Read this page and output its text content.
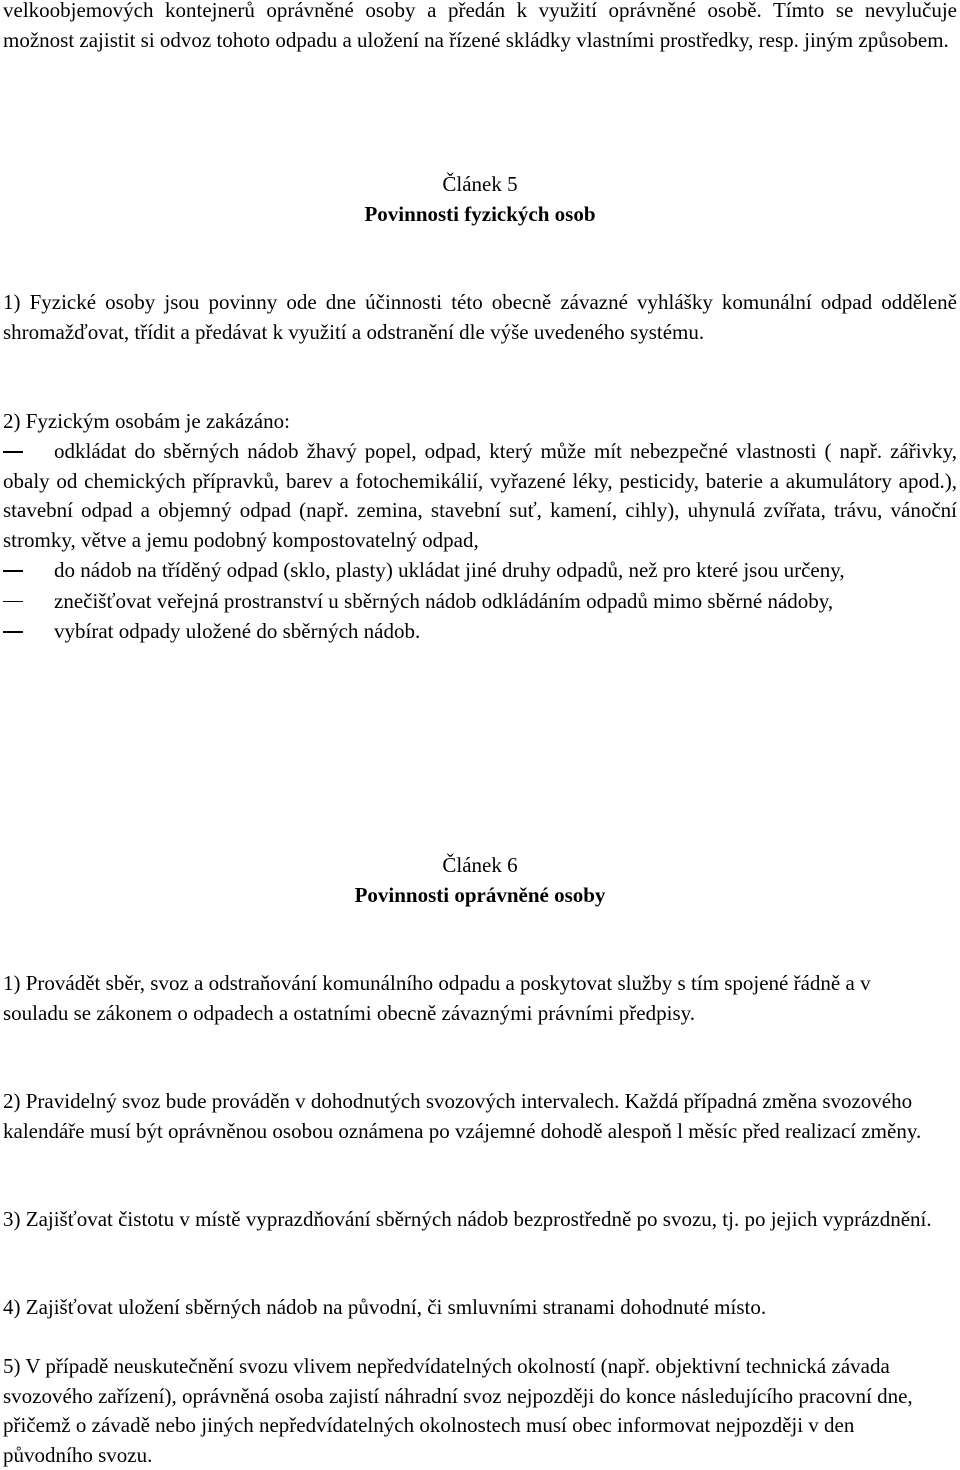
velkoobjemových kontejnerů oprávněné osoby a předán k využití oprávněné osobě. Tímto se nevylučuje možnost zajistit si odvoz tohoto odpadu a uložení na řízené skládky vlastními prostředky, resp. jiným způsobem.

Článek 5

Povinnosti fyzických osob

1) Fyzické osoby jsou povinny ode dne účinnosti této obecně závazné vyhlášky komunální odpad odděleně shromažďovat, třídit a předávat k využití a odstranění dle výše uvedeného systému.

2) Fyzickým osobám je zakázáno:

odkládat do sběrných nádob žhavý popel, odpad, který může mít nebezpečné vlastnosti ( např. zářivky, obaly od chemických přípravků, barev a fotochemikálií, vyřazené léky, pesticidy, baterie a akumulátory apod.), stavební odpad a objemný odpad (např. zemina, stavební suť, kamení, cihly), uhynulá zvířata, trávu, vánoční stromky, větve a jemu podobný kompostovatelný odpad,

do nádob na tříděný odpad (sklo, plasty) ukládat jiné druhy odpadů, než pro které jsou určeny,

znečišťovat veřejná prostranství u sběrných nádob odkládáním odpadů mimo sběrné nádoby,

vybírat odpady uložené do sběrných nádob.

Článek 6

Povinnosti oprávněné osoby

1) Provádět sběr, svoz a odstraňování komunálního odpadu a poskytovat služby s tím spojené řádně a v souladu se zákonem o odpadech a ostatními obecně závaznými právními předpisy.

2) Pravidelný svoz bude prováděn v dohodnutých svozových intervalech. Každá případná změna svozového kalendáře musí být oprávněnou osobou oznámena po vzájemné dohodě alespoň l měsíc před realizací změny.

3) Zajišťovat čistotu v místě vyprazdňování sběrných nádob bezprostředně po svozu, tj. po jejich vyprázdnění.

4) Zajišťovat uložení sběrných nádob na původní, či smluvními stranami dohodnuté místo.

5) V případě neuskutečnění svozu vlivem nepředvídatelných okolností (např. objektivní technická závada svozového zařízení), oprávněná osoba zajistí náhradní svoz nejpozději do konce následujícího pracovní dne, přičemž o závadě nebo jiných nepředvídatelných okolnostech musí obec informovat nejpozději v den původního svozu.
